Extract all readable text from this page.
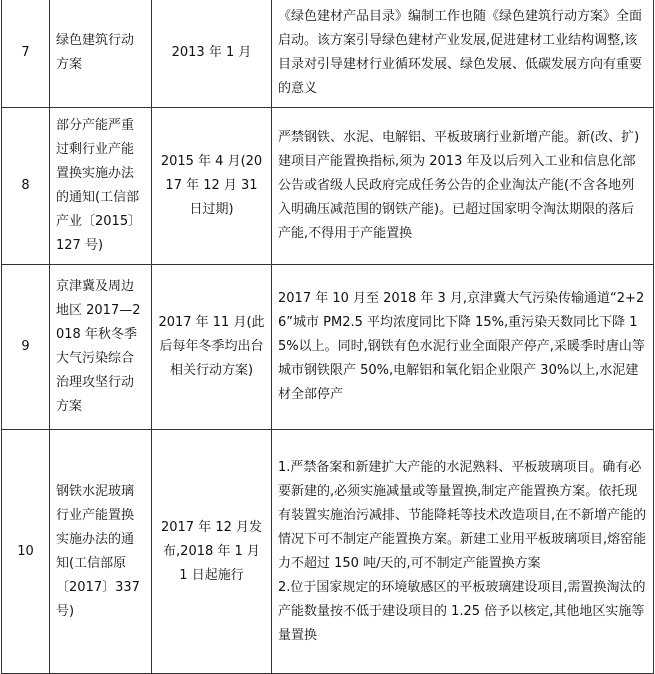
7	绿色建筑行动方案	2013 年 1 月	《绿色建材产品目录》编制工作也随《绿色建筑行动方案》全面启动。该方案引导绿色建材产业发展,促进建材工业结构调整,该目录对引导建材行业循环发展、绿色发展、低碳发展方向有重要的意义
8	部分产能严重过剩行业产能置换实施办法的通知(工信部产业〔2015〕127 号)	2015 年 4 月(2017 年 12 月 31 日过期)	严禁钢铁、水泥、电解铝、平板玻璃行业新增产能。新(改、扩)建项目产能置换指标,须为 2013 年及以后列入工业和信息化部公告或省级人民政府完成任务公告的企业淘汰产能(不含各地列入明确压减范围的钢铁产能)。已超过国家明令淘汰期限的落后产能,不得用于产能置换
9	京津冀及周边地区 2017—2018 年秋冬季大气污染综合治理攻坚行动方案	2017 年 11 月(此后每年冬季均出台相关行动方案)	2017 年 10 月至 2018 年 3 月,京津冀大气污染传输通道“2+26”城市 PM2.5 平均浓度同比下降 15%,重污染天数同比下降 15%以上。同时,钢铁有色水泥行业全面限产停产,采暖季时唐山等城市钢铁限产 50%,电解铝和氧化铝企业限产 30%以上,水泥建材全部停产
10	钢铁水泥玻璃行业产能置换实施办法的通知(工信部原〔2017〕337 号)	2017 年 12 月发布,2018 年 1 月 1 日起施行	1.严禁备案和新建扩大产能的水泥熟料、平板玻璃项目。确有必要新建的,必须实施减量或等量置换,制定产能置换方案。依托现有装置实施治污减排、节能降耗等技术改造项目,在不新增产能的情况下可不制定产能置换方案。新建工业用平板玻璃项目,熔窑能力不超过 150 吨/天的,可不制定产能置换方案
2.位于国家规定的环境敏感区的平板玻璃建设项目,需置换淘汰的产能数量按不低于建设项目的 1.25 倍予以核定,其他地区实施等量置换
